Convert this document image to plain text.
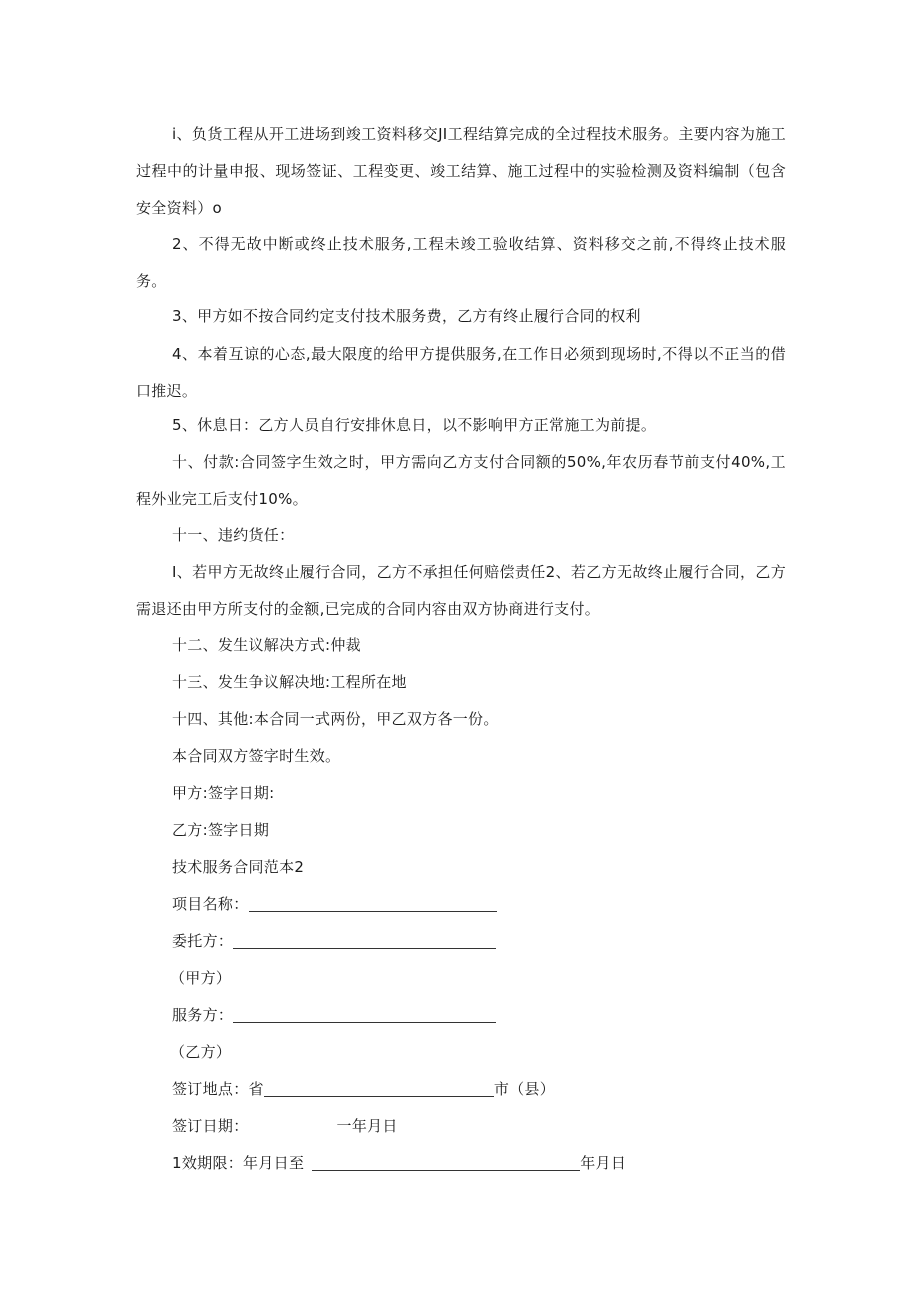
i、负货工程从开工进场到竣工资料移交JI工程结算完成的全过程技术服务。主要内容为施工过程中的计量申报、现场签证、工程变更、竣工结算、施工过程中的实验检测及资料编制（包含安全资料）o

2、不得无故中断或终止技术服务,工程未竣工验收结算、资料移交之前,不得终止技术服务。

3、甲方如不按合同约定支付技术服务费，乙方有终止履行合同的权利

4、本着互谅的心态,最大限度的给甲方提供服务,在工作日必须到现场时,不得以不正当的借口推迟。

5、休息日：乙方人员自行安排休息日，以不影响甲方正常施工为前提。

十、付款:合同签字生效之时，甲方需向乙方支付合同额的50%,年农历春节前支付40%,工程外业完工后支付10%。

十一、违约货任：

I、若甲方无故终止履行合同，乙方不承担任何赔偿责任2、若乙方无故终止履行合同，乙方需退还由甲方所支付的金额,已完成的合同内容由双方协商进行支付。

十二、发生议解决方式:仲裁

十三、发生争议解决地:工程所在地

十四、其他:本合同一式两份，甲乙双方各一份。

本合同双方签字时生效。

甲方:签字日期:

乙方:签字日期

技术服务合同范本2

项目名称：

委托方：

（甲方）

服务方：

（乙方）

签订地点：省	市（县）

签订日期：	一年月日

1效期限：年月日至	年月日
